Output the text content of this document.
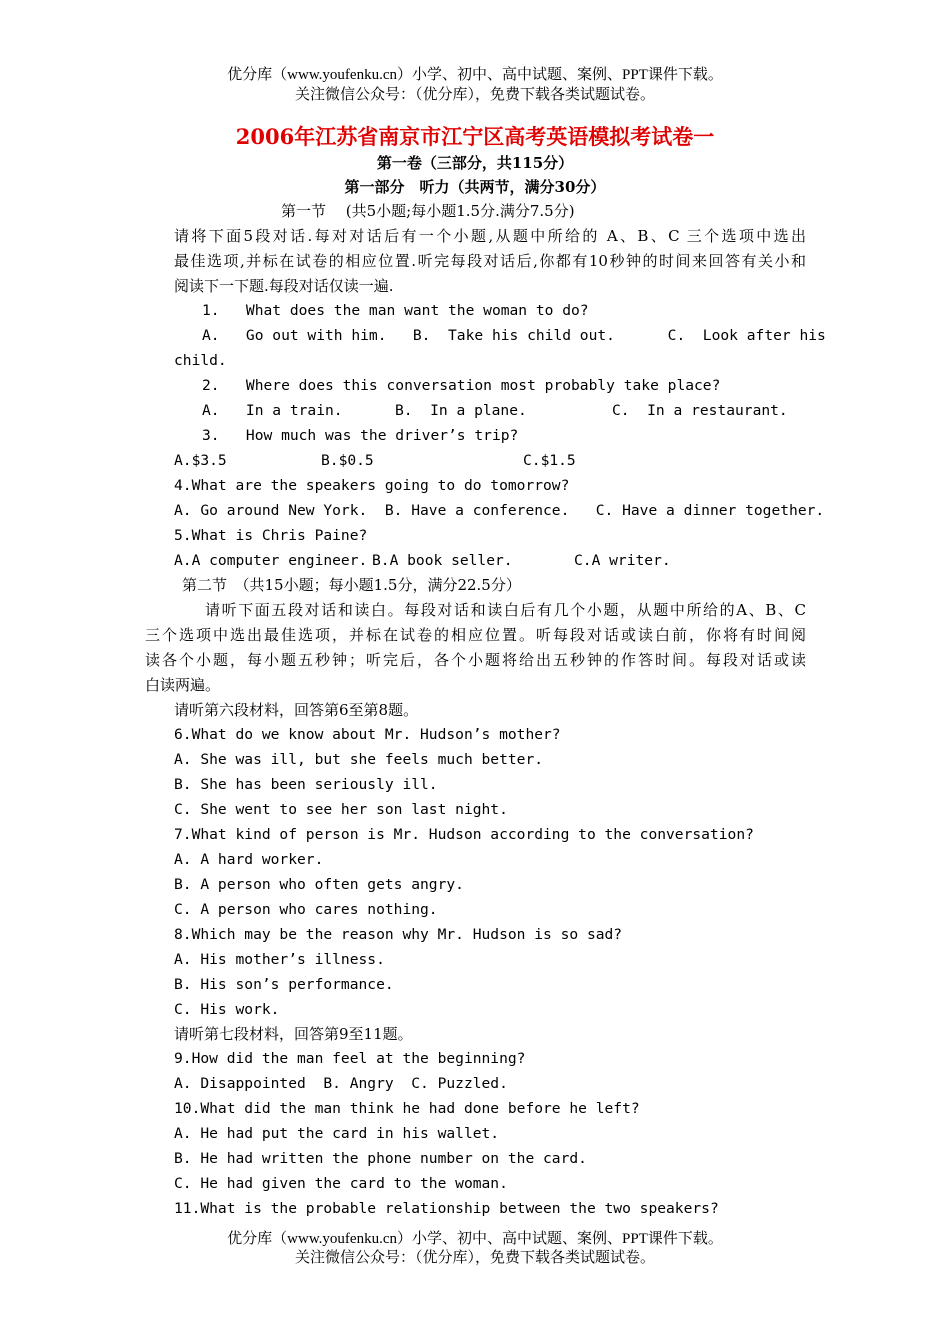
优分库（www.youfenku.cn）小学、初中、高中试题、案例、PPT课件下载。
关注微信公众号：（优分库），免费下载各类试题试卷。
2006年江苏省南京市江宁区高考英语模拟考试卷一
第一卷（三部分，共115分）
第一部分　听力（共两节，满分30分）
第一节　 (共5小题;每小题1.5分.满分7.5分)
请将下面5段对话.每对对话后有一个小题,从题中所给的 A、B、C 三个选项中选出
最佳选项,并标在试卷的相应位置.听完每段对话后,你都有10秒钟的时间来回答有关小和
阅读下一下题.每段对话仅读一遍.
1.   What does the man want the woman to do?
A.   Go out with him.   B.  Take his child out.      C.  Look after his
child.
2.   Where does this conversation most probably take place?
A.   In a train.	B.  In a plane.	C.  In a restaurant.
3.   How much was the driver’s trip?
A.$3.5	B.$0.5	C.$1.5
4.What are the speakers going to do tomorrow?
A. Go around New York.  B. Have a conference.   C. Have a dinner together.
5.What is Chris Paine?
A.A computer engineer. B.A book seller.	C.A writer.
第二节　（共15小题；每小题1.5分，满分22.5分）
请听下面五段对话和读白。每段对话和读白后有几个小题，从题中所给的A、B、C
三个选项中选出最佳选项，并标在试卷的相应位置。听每段对话或读白前，你将有时间阅
读各个小题，每小题五秒钟；听完后，各个小题将给出五秒钟的作答时间。每段对话或读
白读两遍。
请听第六段材料，回答第6至第8题。
6.What do we know about Mr. Hudson’s mother?
A. She was ill, but she feels much better.
B. She has been seriously ill.
C. She went to see her son last night.
7.What kind of person is Mr. Hudson according to the conversation?
A. A hard worker.
B. A person who often gets angry.
C. A person who cares nothing.
8.Which may be the reason why Mr. Hudson is so sad?
A. His mother’s illness.
B. His son’s performance.
C. His work.
请听第七段材料，回答第9至11题。
9.How did the man feel at the beginning?
A. Disappointed  B. Angry  C. Puzzled.
10.What did the man think he had done before he left?
A. He had put the card in his wallet.
B. He had written the phone number on the card.
C. He had given the card to the woman.
11.What is the probable relationship between the two speakers?
优分库（www.youfenku.cn）小学、初中、高中试题、案例、PPT课件下载。
关注微信公众号：（优分库），免费下载各类试题试卷。
